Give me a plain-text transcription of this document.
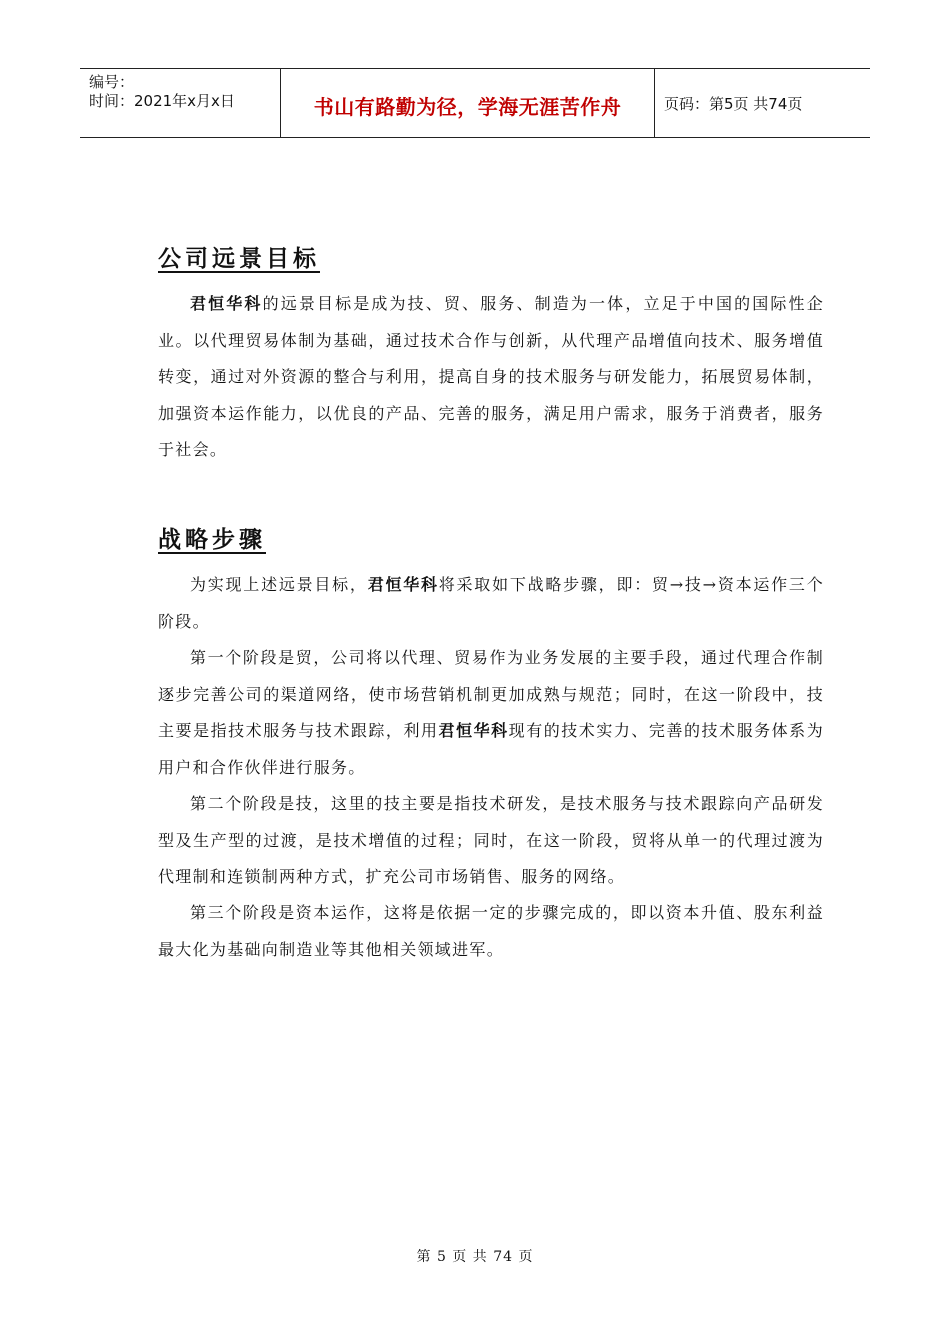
编号：
时间：2021年x月x日	书山有路勤为径，学海无涯苦作舟	页码：第5页 共74页
公司远景目标

君恒华科的远景目标是成为技、贸、服务、制造为一体，立足于中国的国际性企业。以代理贸易体制为基础，通过技术合作与创新，从代理产品增值向技术、服务增值转变，通过对外资源的整合与利用，提高自身的技术服务与研发能力，拓展贸易体制，加强资本运作能力，以优良的产品、完善的服务，满足用户需求，服务于消费者，服务于社会。

战略步骤

为实现上述远景目标，君恒华科将采取如下战略步骤，即：贸→技→资本运作三个阶段。

第一个阶段是贸，公司将以代理、贸易作为业务发展的主要手段，通过代理合作制逐步完善公司的渠道网络，使市场营销机制更加成熟与规范；同时，在这一阶段中，技主要是指技术服务与技术跟踪，利用君恒华科现有的技术实力、完善的技术服务体系为用户和合作伙伴进行服务。

第二个阶段是技，这里的技主要是指技术研发，是技术服务与技术跟踪向产品研发型及生产型的过渡，是技术增值的过程；同时，在这一阶段，贸将从单一的代理过渡为代理制和连锁制两种方式，扩充公司市场销售、服务的网络。

第三个阶段是资本运作，这将是依据一定的步骤完成的，即以资本升值、股东利益最大化为基础向制造业等其他相关领域进军。

第 5 页 共 74 页
